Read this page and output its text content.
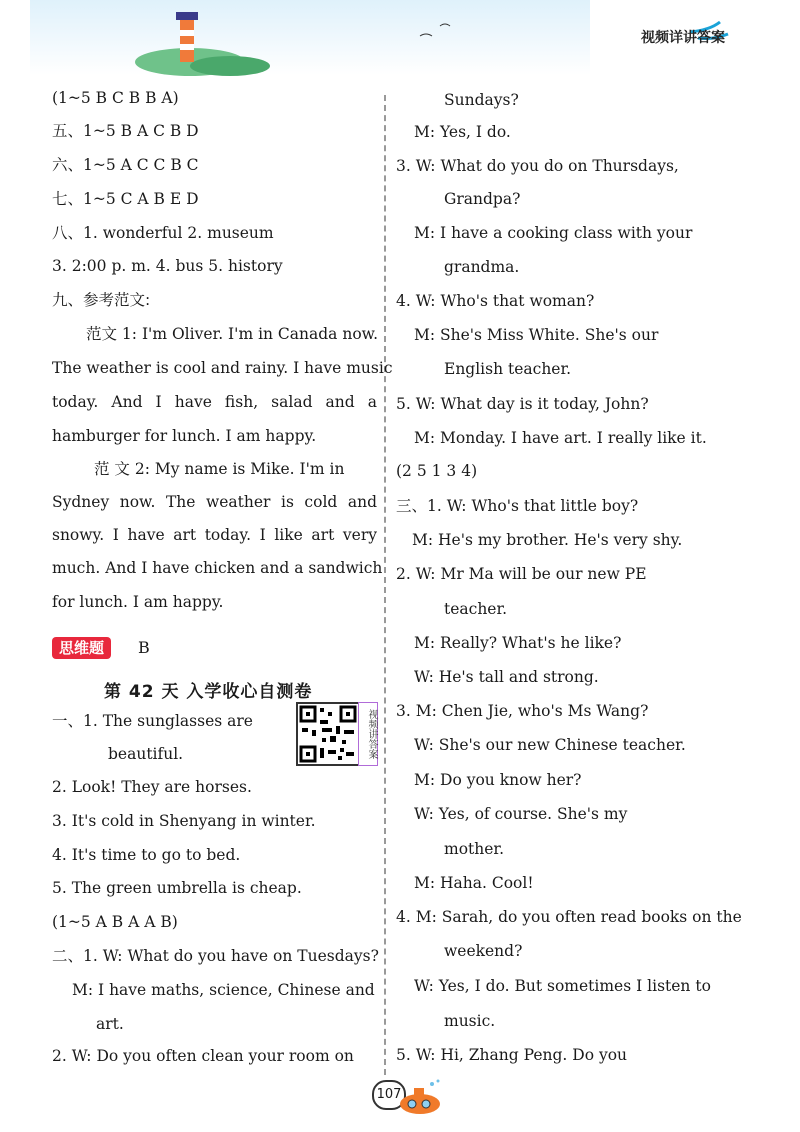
视频详讲答案
(1~5 B C B B A)
五、1~5 B A C B D
六、1~5 A C C B C
七、1~5 C A B E D
八、1. wonderful 2. museum
3. 2:00 p. m. 4. bus 5. history
九、参考范文:
范文 1: I'm Oliver. I'm in Canada now.
The weather is cool and rainy. I have music
today. And I have fish, salad and a
hamburger for lunch. I am happy.
范 文 2: My name is Mike. I'm in
Sydney now. The weather is cold and
snowy. I have art today. I like art very
much. And I have chicken and a sandwich
for lunch. I am happy.
思维题	B
第 42 天 入学收心自测卷
视频讲答案
一、1. The sunglasses are
beautiful.
2. Look! They are horses.
3. It's cold in Shenyang in winter.
4. It's time to go to bed.
5. The green umbrella is cheap.
(1~5 A B A A B)
二、1. W: What do you have on Tuesdays?
M: I have maths, science, Chinese and
art.
2. W: Do you often clean your room on
Sundays?
M: Yes, I do.
3. W: What do you do on Thursdays,
Grandpa?
M: I have a cooking class with your
grandma.
4. W: Who's that woman?
M: She's Miss White. She's our
English teacher.
5. W: What day is it today, John?
M: Monday. I have art. I really like it.
(2 5 1 3 4)
三、1. W: Who's that little boy?
M: He's my brother. He's very shy.
2. W: Mr Ma will be our new PE
teacher.
M: Really? What's he like?
W: He's tall and strong.
3. M: Chen Jie, who's Ms Wang?
W: She's our new Chinese teacher.
M: Do you know her?
W: Yes, of course. She's my
mother.
M: Haha. Cool!
4. M: Sarah, do you often read books on the
weekend?
W: Yes, I do. But sometimes I listen to
music.
5. W: Hi, Zhang Peng. Do you
107
